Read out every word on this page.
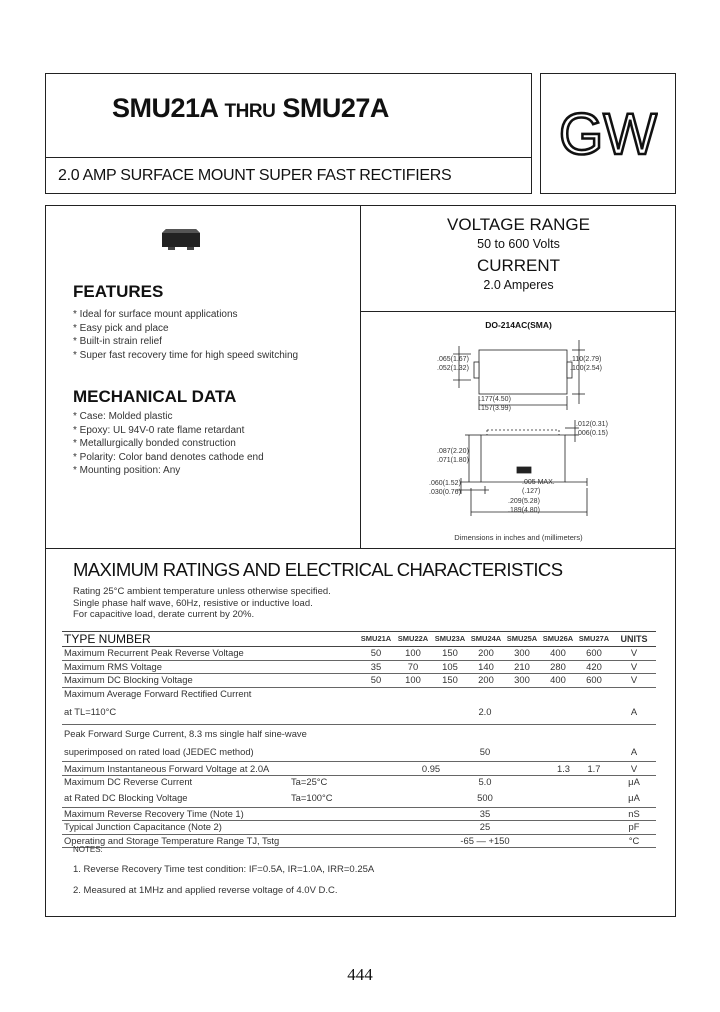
SMU21A THRU SMU27A
2.0 AMP SURFACE MOUNT SUPER FAST RECTIFIERS
GW
FEATURES
* Ideal for surface mount applications
* Easy pick and place
* Built-in strain relief
* Super fast recovery time for high speed switching
MECHANICAL DATA
* Case: Molded plastic
* Epoxy: UL 94V-0 rate flame retardant
* Metallurgically bonded construction
* Polarity: Color band denotes cathode end
* Mounting position: Any
VOLTAGE RANGE
50 to 600 Volts
CURRENT
2.0 Amperes
DO-214AC(SMA)
.065(1.67)
.052(1.32)
.110(2.79)
.100(2.54)
.177(4.50)
.157(3.99)
.012(0.31)
.006(0.15)
.087(2.20)
.071(1.80)
.060(1.52)
.030(0.76)
.005 MAX.
(.127)
.209(5.28)
.189(4.80)
Dimensions in inches and (millimeters)
MAXIMUM RATINGS AND ELECTRICAL CHARACTERISTICS
Rating 25°C ambient temperature unless otherwise specified.
Single phase half wave, 60Hz, resistive or inductive load.
For capacitive load, derate current by 20%.
TYPE NUMBER	SMU21A	SMU22A	SMU23A	SMU24A	SMU25A	SMU26A	SMU27A	UNITS
Maximum Recurrent Peak Reverse Voltage	50	100	150	200	300	400	600	V
Maximum RMS Voltage	35	70	105	140	210	280	420	V
Maximum DC Blocking Voltage	50	100	150	200	300	400	600	V
Maximum Average Forward Rectified Current								
at TL=110°C	2.0							A
Peak Forward Surge Current, 8.3 ms single half sine-wave								
superimposed on rated load (JEDEC method)	50							A
Maximum Instantaneous Forward Voltage at 2.0A	0.95				1.3		1.7	V
Maximum DC Reverse Current Ta=25°C	5.0							μA
at Rated DC Blocking Voltage Ta=100°C	500							μA
Maximum Reverse Recovery Time (Note 1)	35							nS
Typical Junction Capacitance (Note 2)	25							pF
Operating and Storage Temperature Range TJ, Tstg	-65 — +150							°C
NOTES:
1. Reverse Recovery Time test condition: IF=0.5A, IR=1.0A, IRR=0.25A
2. Measured at 1MHz and applied reverse voltage of 4.0V D.C.
444
